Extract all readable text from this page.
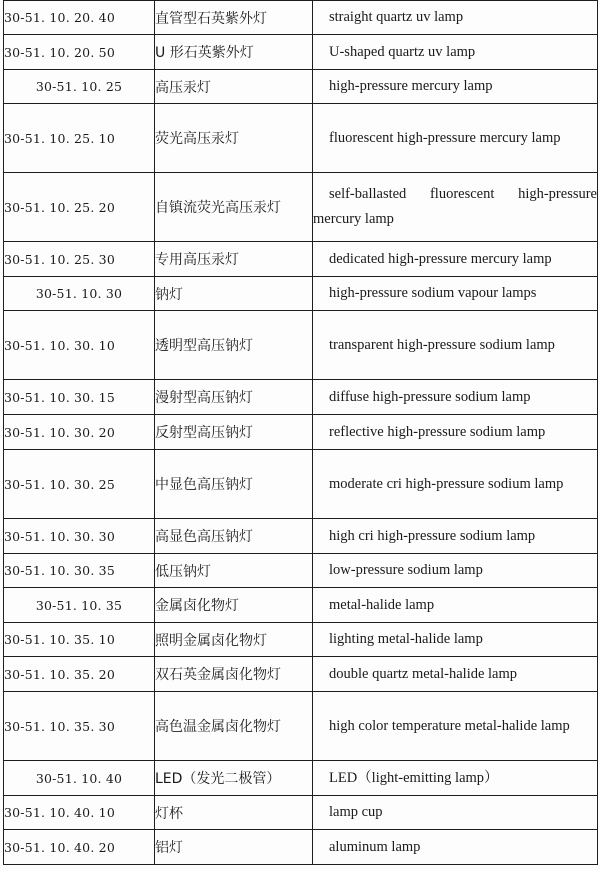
30-51. 10. 20. 40	直管型石英紫外灯	straight quartz uv lamp

30-51. 10. 20. 50	U 形石英紫外灯	U-shaped quartz uv lamp

30-51. 10. 25	高压汞灯	high-pressure mercury lamp

30-51. 10. 25. 10	荧光高压汞灯	fluorescent high-pressure mercury lamp

30-51. 10. 25. 20	自镇流荧光高压汞灯	self-ballasted fluorescent high-pressure mercury lamp

30-51. 10. 25. 30	专用高压汞灯	dedicated high-pressure mercury lamp

30-51. 10. 30	钠灯	high-pressure sodium vapour lamps

30-51. 10. 30. 10	透明型高压钠灯	transparent high-pressure sodium lamp

30-51. 10. 30. 15	漫射型高压钠灯	diffuse high-pressure sodium lamp

30-51. 10. 30. 20	反射型高压钠灯	reflective high-pressure sodium lamp

30-51. 10. 30. 25	中显色高压钠灯	moderate cri high-pressure sodium lamp

30-51. 10. 30. 30	高显色高压钠灯	high cri high-pressure sodium lamp

30-51. 10. 30. 35	低压钠灯	low-pressure sodium lamp

30-51. 10. 35	金属卤化物灯	metal-halide lamp

30-51. 10. 35. 10	照明金属卤化物灯	lighting metal-halide lamp

30-51. 10. 35. 20	双石英金属卤化物灯	double quartz metal-halide lamp

30-51. 10. 35. 30	高色温金属卤化物灯	high color temperature metal-halide lamp

30-51. 10. 40	LED（发光二极管）	LED（light-emitting lamp）

30-51. 10. 40. 10	灯杯	lamp cup

30-51. 10. 40. 20	铝灯	aluminum lamp
